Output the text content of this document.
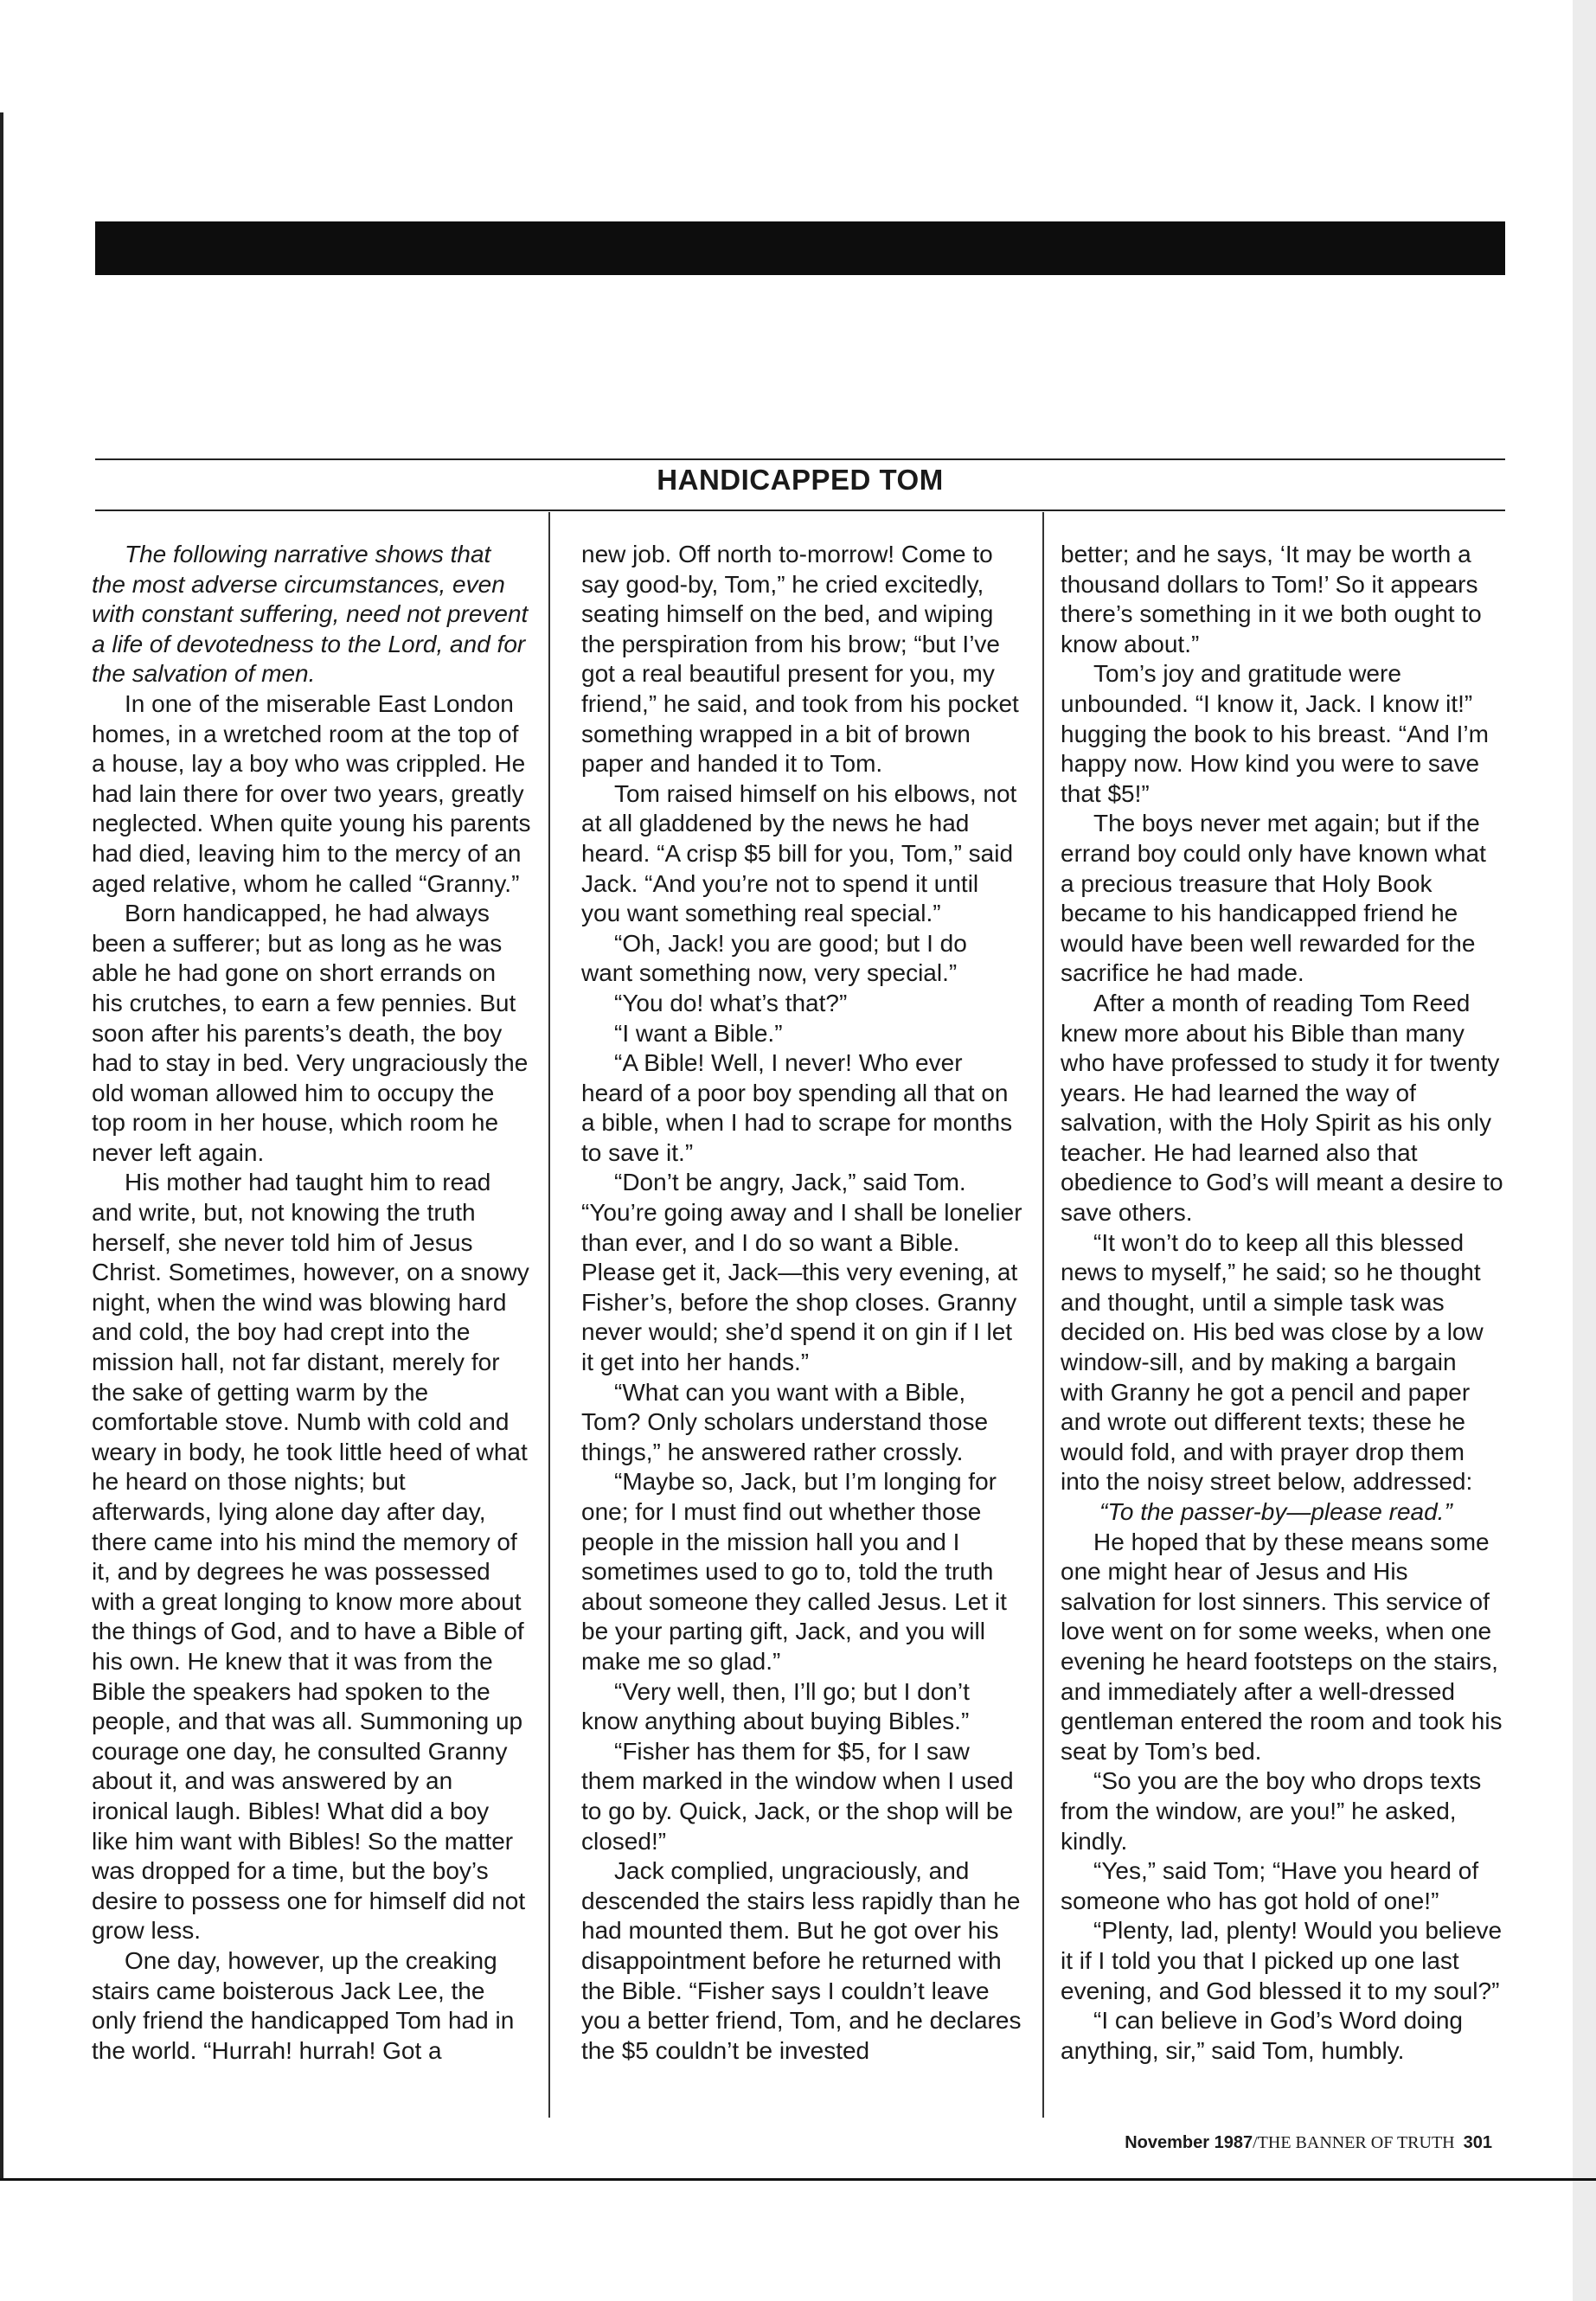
HANDICAPPED TOM

The following narrative shows that the most adverse circumstances, even with constant suffering, need not prevent a life of devotedness to the Lord, and for the salvation of men.

In one of the miserable East London homes, in a wretched room at the top of a house, lay a boy who was crippled. He had lain there for over two years, greatly neglected. When quite young his parents had died, leaving him to the mercy of an aged relative, whom he called “Granny.”

Born handicapped, he had always been a sufferer; but as long as he was able he had gone on short errands on his crutches, to earn a few pennies. But soon after his parents’s death, the boy had to stay in bed. Very ungraciously the old woman allowed him to occupy the top room in her house, which room he never left again.

His mother had taught him to read and write, but, not knowing the truth herself, she never told him of Jesus Christ. Sometimes, however, on a snowy night, when the wind was blowing hard and cold, the boy had crept into the mission hall, not far distant, merely for the sake of getting warm by the comfortable stove. Numb with cold and weary in body, he took little heed of what he heard on those nights; but afterwards, lying alone day after day, there came into his mind the memory of it, and by degrees he was possessed with a great longing to know more about the things of God, and to have a Bible of his own. He knew that it was from the Bible the speakers had spoken to the people, and that was all. Summoning up courage one day, he consulted Granny about it, and was answered by an ironical laugh. Bibles! What did a boy like him want with Bibles! So the matter was dropped for a time, but the boy’s desire to possess one for himself did not grow less.

One day, however, up the creaking stairs came boisterous Jack Lee, the only friend the handicapped Tom had in the world. “Hurrah! hurrah! Got a

new job. Off north to-morrow! Come to say good-by, Tom,” he cried excitedly, seating himself on the bed, and wiping the perspiration from his brow; “but I’ve got a real beautiful present for you, my friend,” he said, and took from his pocket something wrapped in a bit of brown paper and handed it to Tom.

Tom raised himself on his elbows, not at all gladdened by the news he had heard. “A crisp $5 bill for you, Tom,” said Jack. “And you’re not to spend it until you want something real special.”

“Oh, Jack! you are good; but I do want something now, very special.”

“You do! what’s that?”

“I want a Bible.”

“A Bible! Well, I never! Who ever heard of a poor boy spending all that on a bible, when I had to scrape for months to save it.”

“Don’t be angry, Jack,” said Tom. “You’re going away and I shall be lonelier than ever, and I do so want a Bible. Please get it, Jack—this very evening, at Fisher’s, before the shop closes. Granny never would; she’d spend it on gin if I let it get into her hands.”

“What can you want with a Bible, Tom? Only scholars understand those things,” he answered rather crossly.

“Maybe so, Jack, but I’m longing for one; for I must find out whether those people in the mission hall you and I sometimes used to go to, told the truth about someone they called Jesus. Let it be your parting gift, Jack, and you will make me so glad.”

“Very well, then, I’ll go; but I don’t know anything about buying Bibles.”

“Fisher has them for $5, for I saw them marked in the window when I used to go by. Quick, Jack, or the shop will be closed!”

Jack complied, ungraciously, and descended the stairs less rapidly than he had mounted them. But he got over his disappointment before he returned with the Bible. “Fisher says I couldn’t leave you a better friend, Tom, and he declares the $5 couldn’t be invested

better; and he says, ‘It may be worth a thousand dollars to Tom!’ So it appears there’s something in it we both ought to know about.”

Tom’s joy and gratitude were unbounded. “I know it, Jack. I know it!” hugging the book to his breast. “And I’m happy now. How kind you were to save that $5!”

The boys never met again; but if the errand boy could only have known what a precious treasure that Holy Book became to his handicapped friend he would have been well rewarded for the sacrifice he had made.

After a month of reading Tom Reed knew more about his Bible than many who have professed to study it for twenty years. He had learned the way of salvation, with the Holy Spirit as his only teacher. He had learned also that obedience to God’s will meant a desire to save others.

“It won’t do to keep all this blessed news to myself,” he said; so he thought and thought, until a simple task was decided on. His bed was close by a low window-sill, and by making a bargain with Granny he got a pencil and paper and wrote out different texts; these he would fold, and with prayer drop them into the noisy street below, addressed:

“To the passer-by—please read.”

He hoped that by these means some one might hear of Jesus and His salvation for lost sinners. This service of love went on for some weeks, when one evening he heard footsteps on the stairs, and immediately after a well-dressed gentleman entered the room and took his seat by Tom’s bed.

“So you are the boy who drops texts from the window, are you!” he asked, kindly.

“Yes,” said Tom; “Have you heard of someone who has got hold of one!”

“Plenty, lad, plenty! Would you believe it if I told you that I picked up one last evening, and God blessed it to my soul?”

“I can believe in God’s Word doing anything, sir,” said Tom, humbly.

November 1987/THE BANNER OF TRUTH 301
